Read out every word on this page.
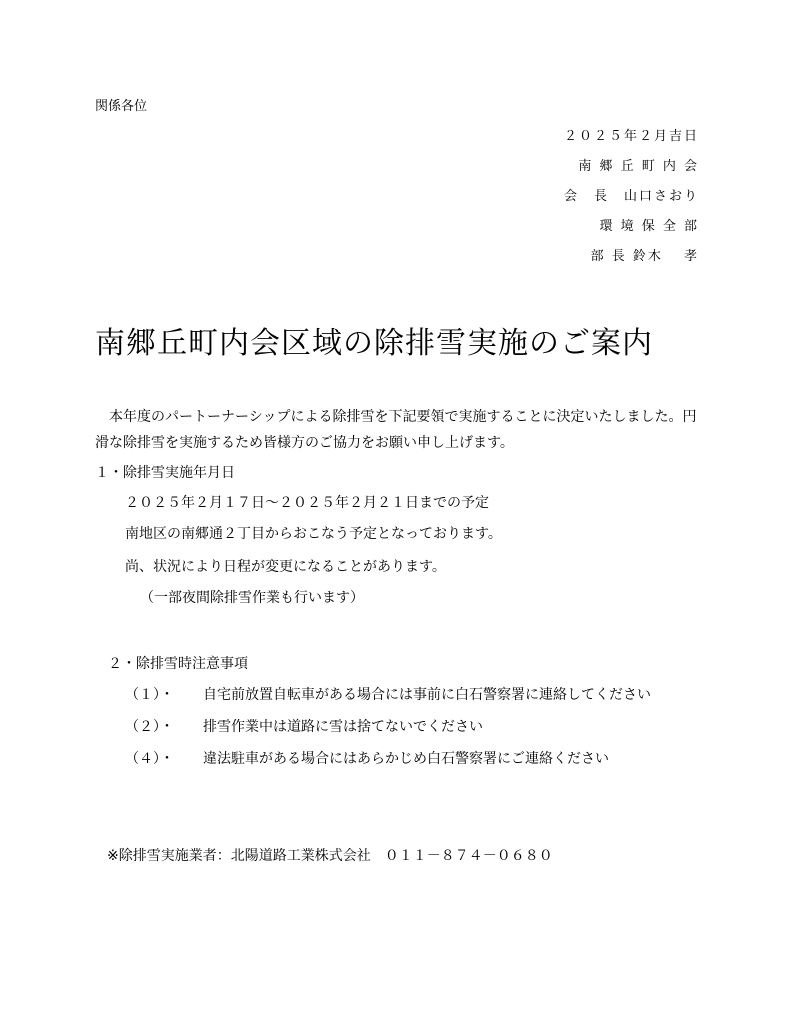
関係各位
２０２５年２月吉日
南 郷 丘 町 内 会
会　長　山口さおり
環 境 保 全 部
部 長 鈴木　 孝
南郷丘町内会区域の除排雪実施のご案内
本年度のパートーナーシップによる除排雪を下記要領で実施することに決定いたしました。円滑な除排雪を実施するため皆様方のご協力をお願い申し上げます。
１・除排雪実施年月日
２０２５年２月１７日～２０２５年２月２１日までの予定
南地区の南郷通２丁目からおこなう予定となっております。
尚、状況により日程が変更になることがあります。
（一部夜間除排雪作業も行います）
２・除排雪時注意事項
（１）・ 自宅前放置自転車がある場合には事前に白石警察署に連絡してください
（２）・ 排雪作業中は道路に雪は捨てないでください
（４）・ 違法駐車がある場合にはあらかじめ白石警察署にご連絡ください
※除排雪実施業者：北陽道路工業株式会社　０１１－８７４－０６８０
